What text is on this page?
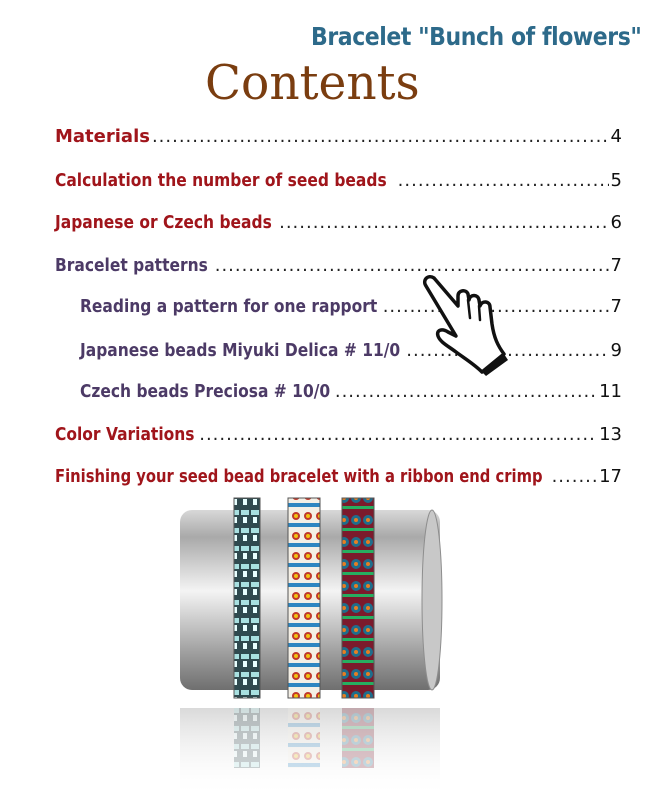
Bracelet "Bunch of flowers"
Contents
Materials .....	4
Calculation the number of seed beads .....	5
Japanese or Czech beads .....	6
Bracelet patterns .....	7
Reading a pattern for one rapport .....	7
Japanese beads Miyuki Delica # 11/0 .....	9
Czech beads Preciosa # 10/0 .....	11
Color Variations .....	13
Finishing your seed bead bracelet with a ribbon end crimp .....	17
